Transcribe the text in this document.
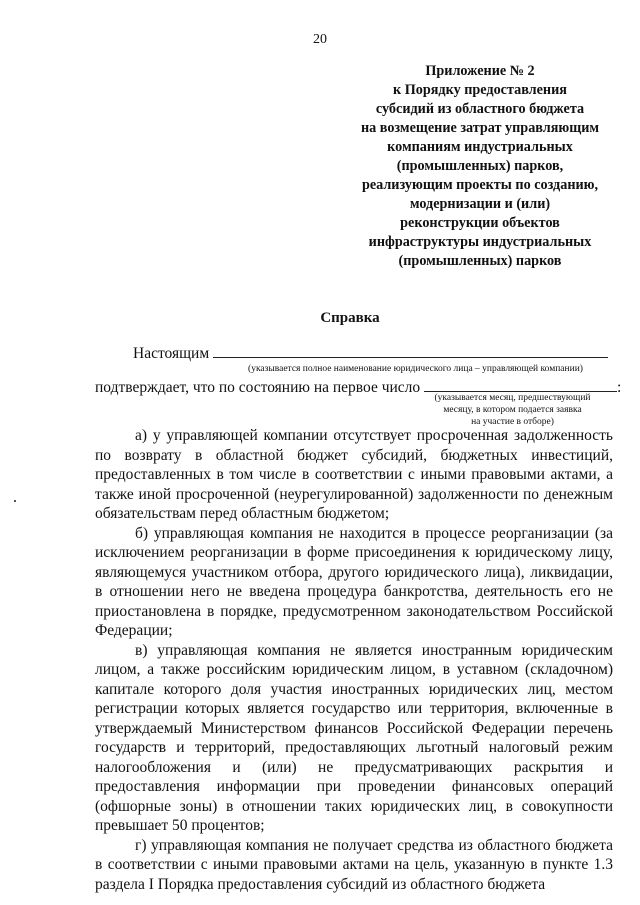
20
Приложение № 2
к Порядку предоставления
субсидий из областного бюджета
на возмещение затрат управляющим
компаниям индустриальных
(промышленных) парков,
реализующим проекты по созданию,
модернизации и (или)
реконструкции объектов
инфраструктуры индустриальных
(промышленных) парков
Справка
Настоящим
(указывается полное наименование юридического лица – управляющей компании)
подтверждает, что по состоянию на первое число	:
(указывается месяц, предшествующий
месяцу, в котором подается заявка
на участие в отборе)

а) у управляющей компании отсутствует просроченная задолженность по возврату в областной бюджет субсидий, бюджетных инвестиций, предоставленных в том числе в соответствии с иными правовыми актами, а также иной просроченной (неурегулированной) задолженности по денежным обязательствам перед областным бюджетом;

б) управляющая компания не находится в процессе реорганизации (за исключением реорганизации в форме присоединения к юридическому лицу, являющемуся участником отбора, другого юридического лица), ликвидации, в отношении него не введена процедура банкротства, деятельность его не приостановлена в порядке, предусмотренном законодательством Российской Федерации;

в) управляющая компания не является иностранным юридическим лицом, а также российским юридическим лицом, в уставном (складочном) капитале которого доля участия иностранных юридических лиц, местом регистрации которых является государство или территория, включенные в утверждаемый Министерством финансов Российской Федерации перечень государств и территорий, предоставляющих льготный налоговый режим налогообложения и (или) не предусматривающих раскрытия и предоставления информации при проведении финансовых операций (офшорные зоны) в отношении таких юридических лиц, в совокупности превышает 50 процентов;

г) управляющая компания не получает средства из областного бюджета в соответствии с иными правовыми актами на цель, указанную в пункте 1.3 раздела I Порядка предоставления субсидий из областного бюджета
